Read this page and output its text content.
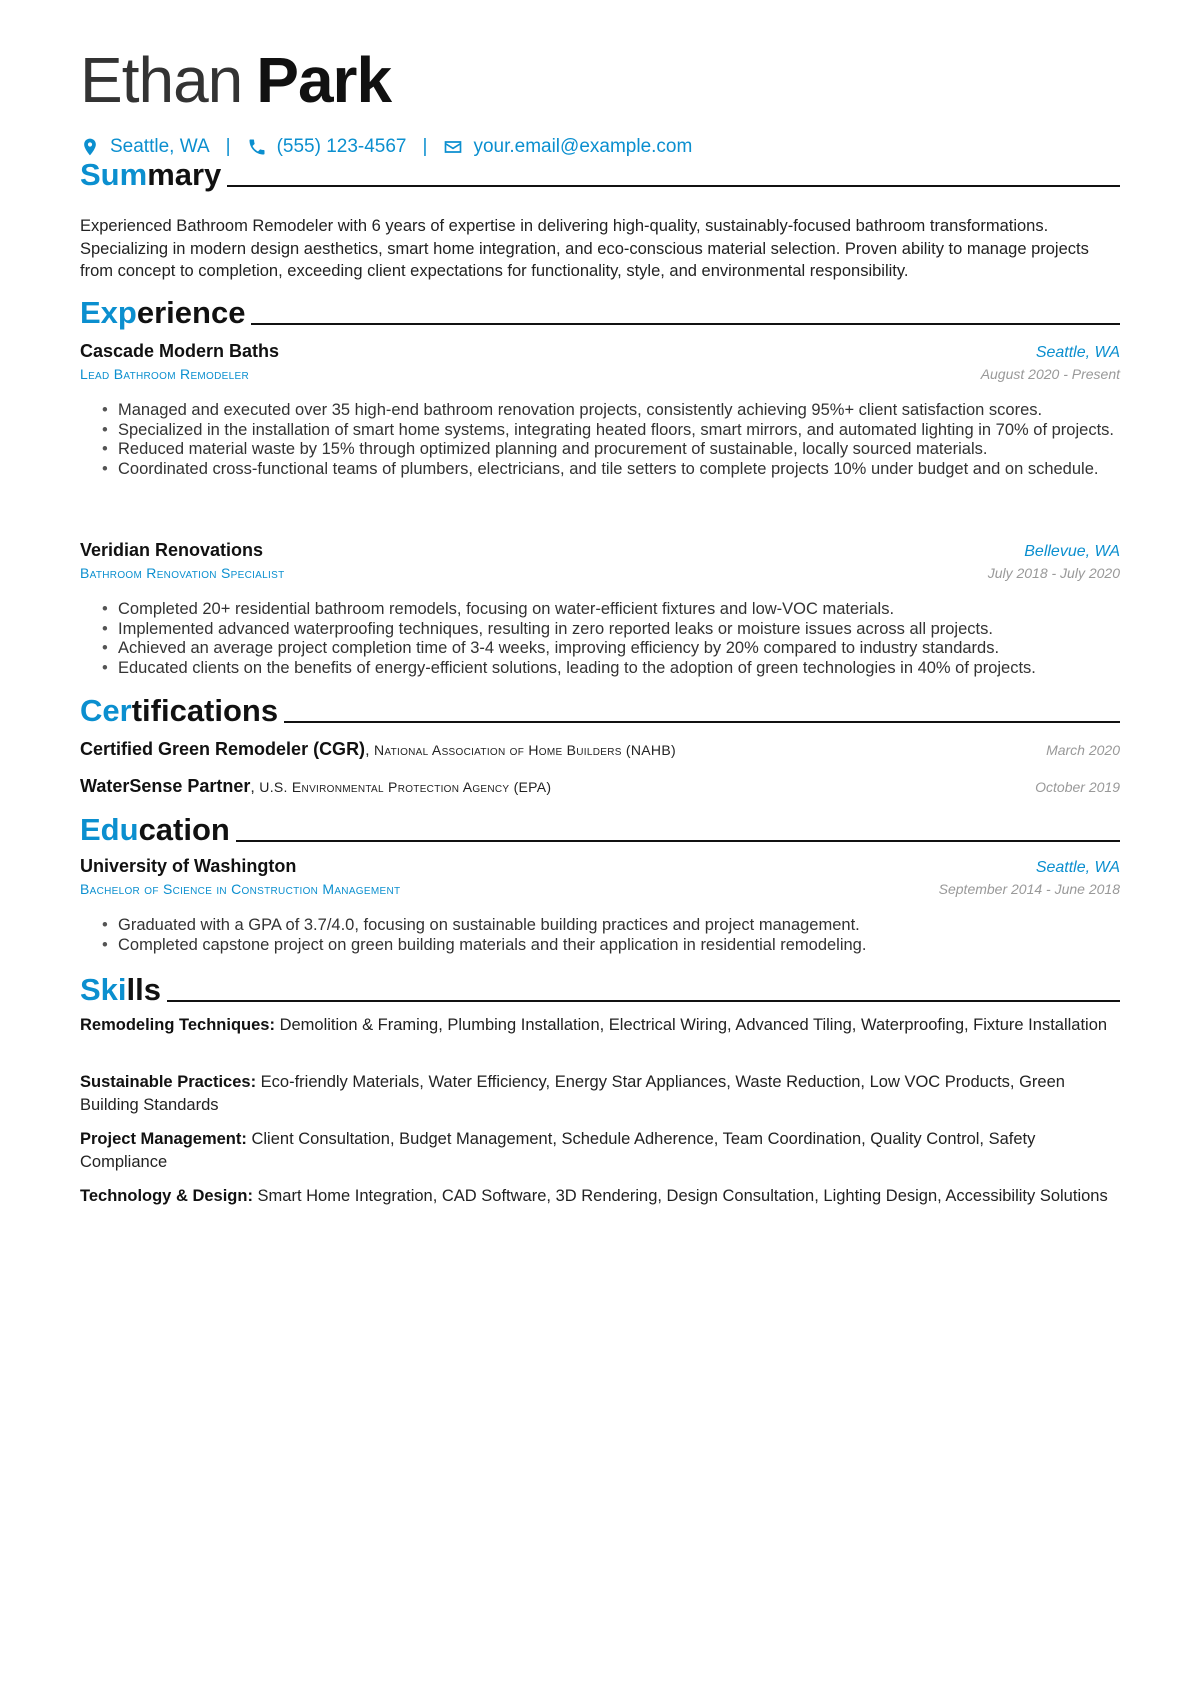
Ethan Park
Seattle, WA | (555) 123-4567 | your.email@example.com
Summary
Experienced Bathroom Remodeler with 6 years of expertise in delivering high-quality, sustainably-focused bathroom transformations. Specializing in modern design aesthetics, smart home integration, and eco-conscious material selection. Proven ability to manage projects from concept to completion, exceeding client expectations for functionality, style, and environmental responsibility.
Experience
Cascade Modern Baths	Seattle, WA
Lead Bathroom Remodeler	August 2020 - Present
• Managed and executed over 35 high-end bathroom renovation projects, consistently achieving 95%+ client satisfaction scores.
• Specialized in the installation of smart home systems, integrating heated floors, smart mirrors, and automated lighting in 70% of projects.
• Reduced material waste by 15% through optimized planning and procurement of sustainable, locally sourced materials.
• Coordinated cross-functional teams of plumbers, electricians, and tile setters to complete projects 10% under budget and on schedule.
Veridian Renovations	Bellevue, WA
Bathroom Renovation Specialist	July 2018 - July 2020
• Completed 20+ residential bathroom remodels, focusing on water-efficient fixtures and low-VOC materials.
• Implemented advanced waterproofing techniques, resulting in zero reported leaks or moisture issues across all projects.
• Achieved an average project completion time of 3-4 weeks, improving efficiency by 20% compared to industry standards.
• Educated clients on the benefits of energy-efficient solutions, leading to the adoption of green technologies in 40% of projects.
Certifications
Certified Green Remodeler (CGR), National Association of Home Builders (NAHB)	March 2020
WaterSense Partner, U.S. Environmental Protection Agency (EPA)	October 2019
Education
University of Washington	Seattle, WA
Bachelor of Science in Construction Management	September 2014 - June 2018
• Graduated with a GPA of 3.7/4.0, focusing on sustainable building practices and project management.
• Completed capstone project on green building materials and their application in residential remodeling.
Skills
Remodeling Techniques: Demolition & Framing, Plumbing Installation, Electrical Wiring, Advanced Tiling, Waterproofing, Fixture Installation
Sustainable Practices: Eco-friendly Materials, Water Efficiency, Energy Star Appliances, Waste Reduction, Low VOC Products, Green Building Standards
Project Management: Client Consultation, Budget Management, Schedule Adherence, Team Coordination, Quality Control, Safety Compliance
Technology & Design: Smart Home Integration, CAD Software, 3D Rendering, Design Consultation, Lighting Design, Accessibility Solutions
